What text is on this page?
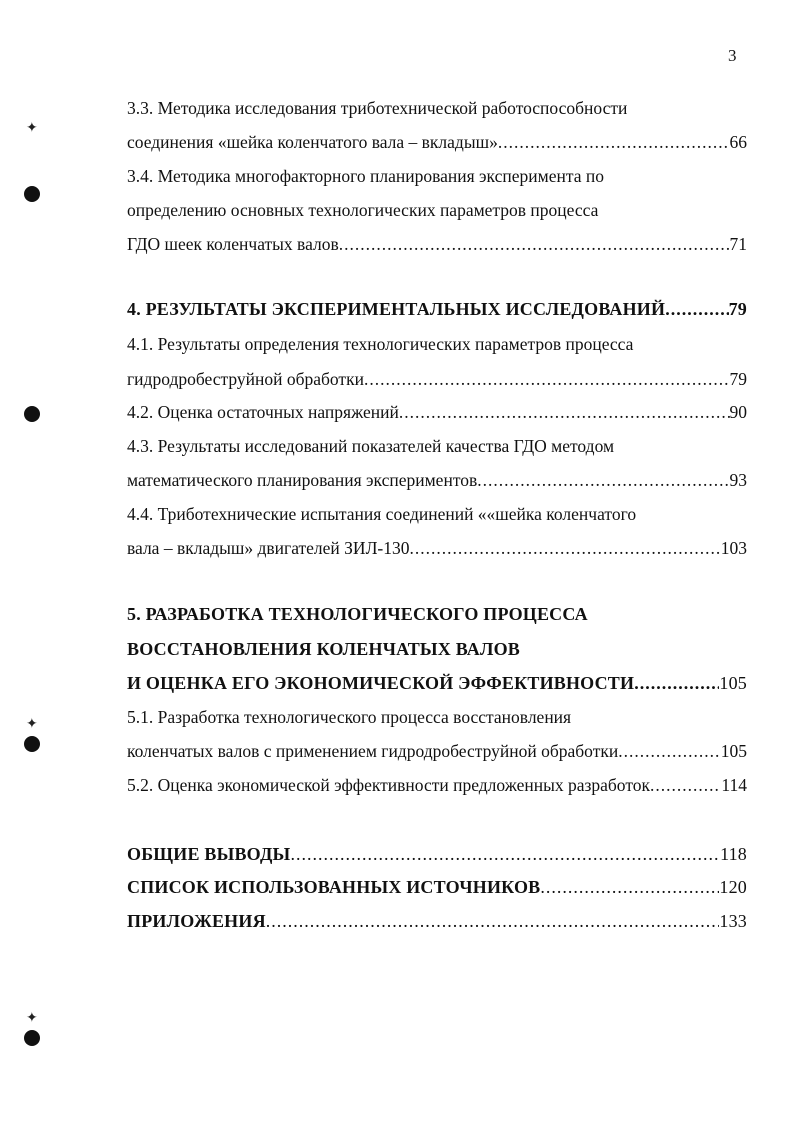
3
✦
✦
✦
3.3. Методика исследования триботехнической работоспособности
соединения «шейка коленчатого вала – вкладыш» .....	66
3.4. Методика многофакторного планирования эксперимента по
определению основных технологических параметров процесса
ГДО шеек коленчатых валов .....	71
4. РЕЗУЛЬТАТЫ ЭКСПЕРИМЕНТАЛЬНЫХ ИССЛЕДОВАНИЙ .....	79
4.1. Результаты определения технологических параметров процесса
гидродробеструйной обработки .....	79
4.2. Оценка остаточных напряжений .....	90
4.3. Результаты исследований показателей качества ГДО методом
математического планирования экспериментов .....	93
4.4. Триботехнические испытания соединений ««шейка коленчатого
вала – вкладыш» двигателей ЗИЛ-130 .....	103
5. РАЗРАБОТКА ТЕХНОЛОГИЧЕСКОГО ПРОЦЕССА
ВОССТАНОВЛЕНИЯ КОЛЕНЧАТЫХ ВАЛОВ
И ОЦЕНКА ЕГО ЭКОНОМИЧЕСКОЙ ЭФФЕКТИВНОСТИ .....	105
5.1. Разработка технологического процесса восстановления
коленчатых валов с применением гидродробеструйной обработки .....	105
5.2. Оценка экономической эффективности предложенных разработок .....	114
ОБЩИЕ ВЫВОДЫ .....	118
СПИСОК ИСПОЛЬЗОВАННЫХ ИСТОЧНИКОВ .....	120
ПРИЛОЖЕНИЯ .....	133
